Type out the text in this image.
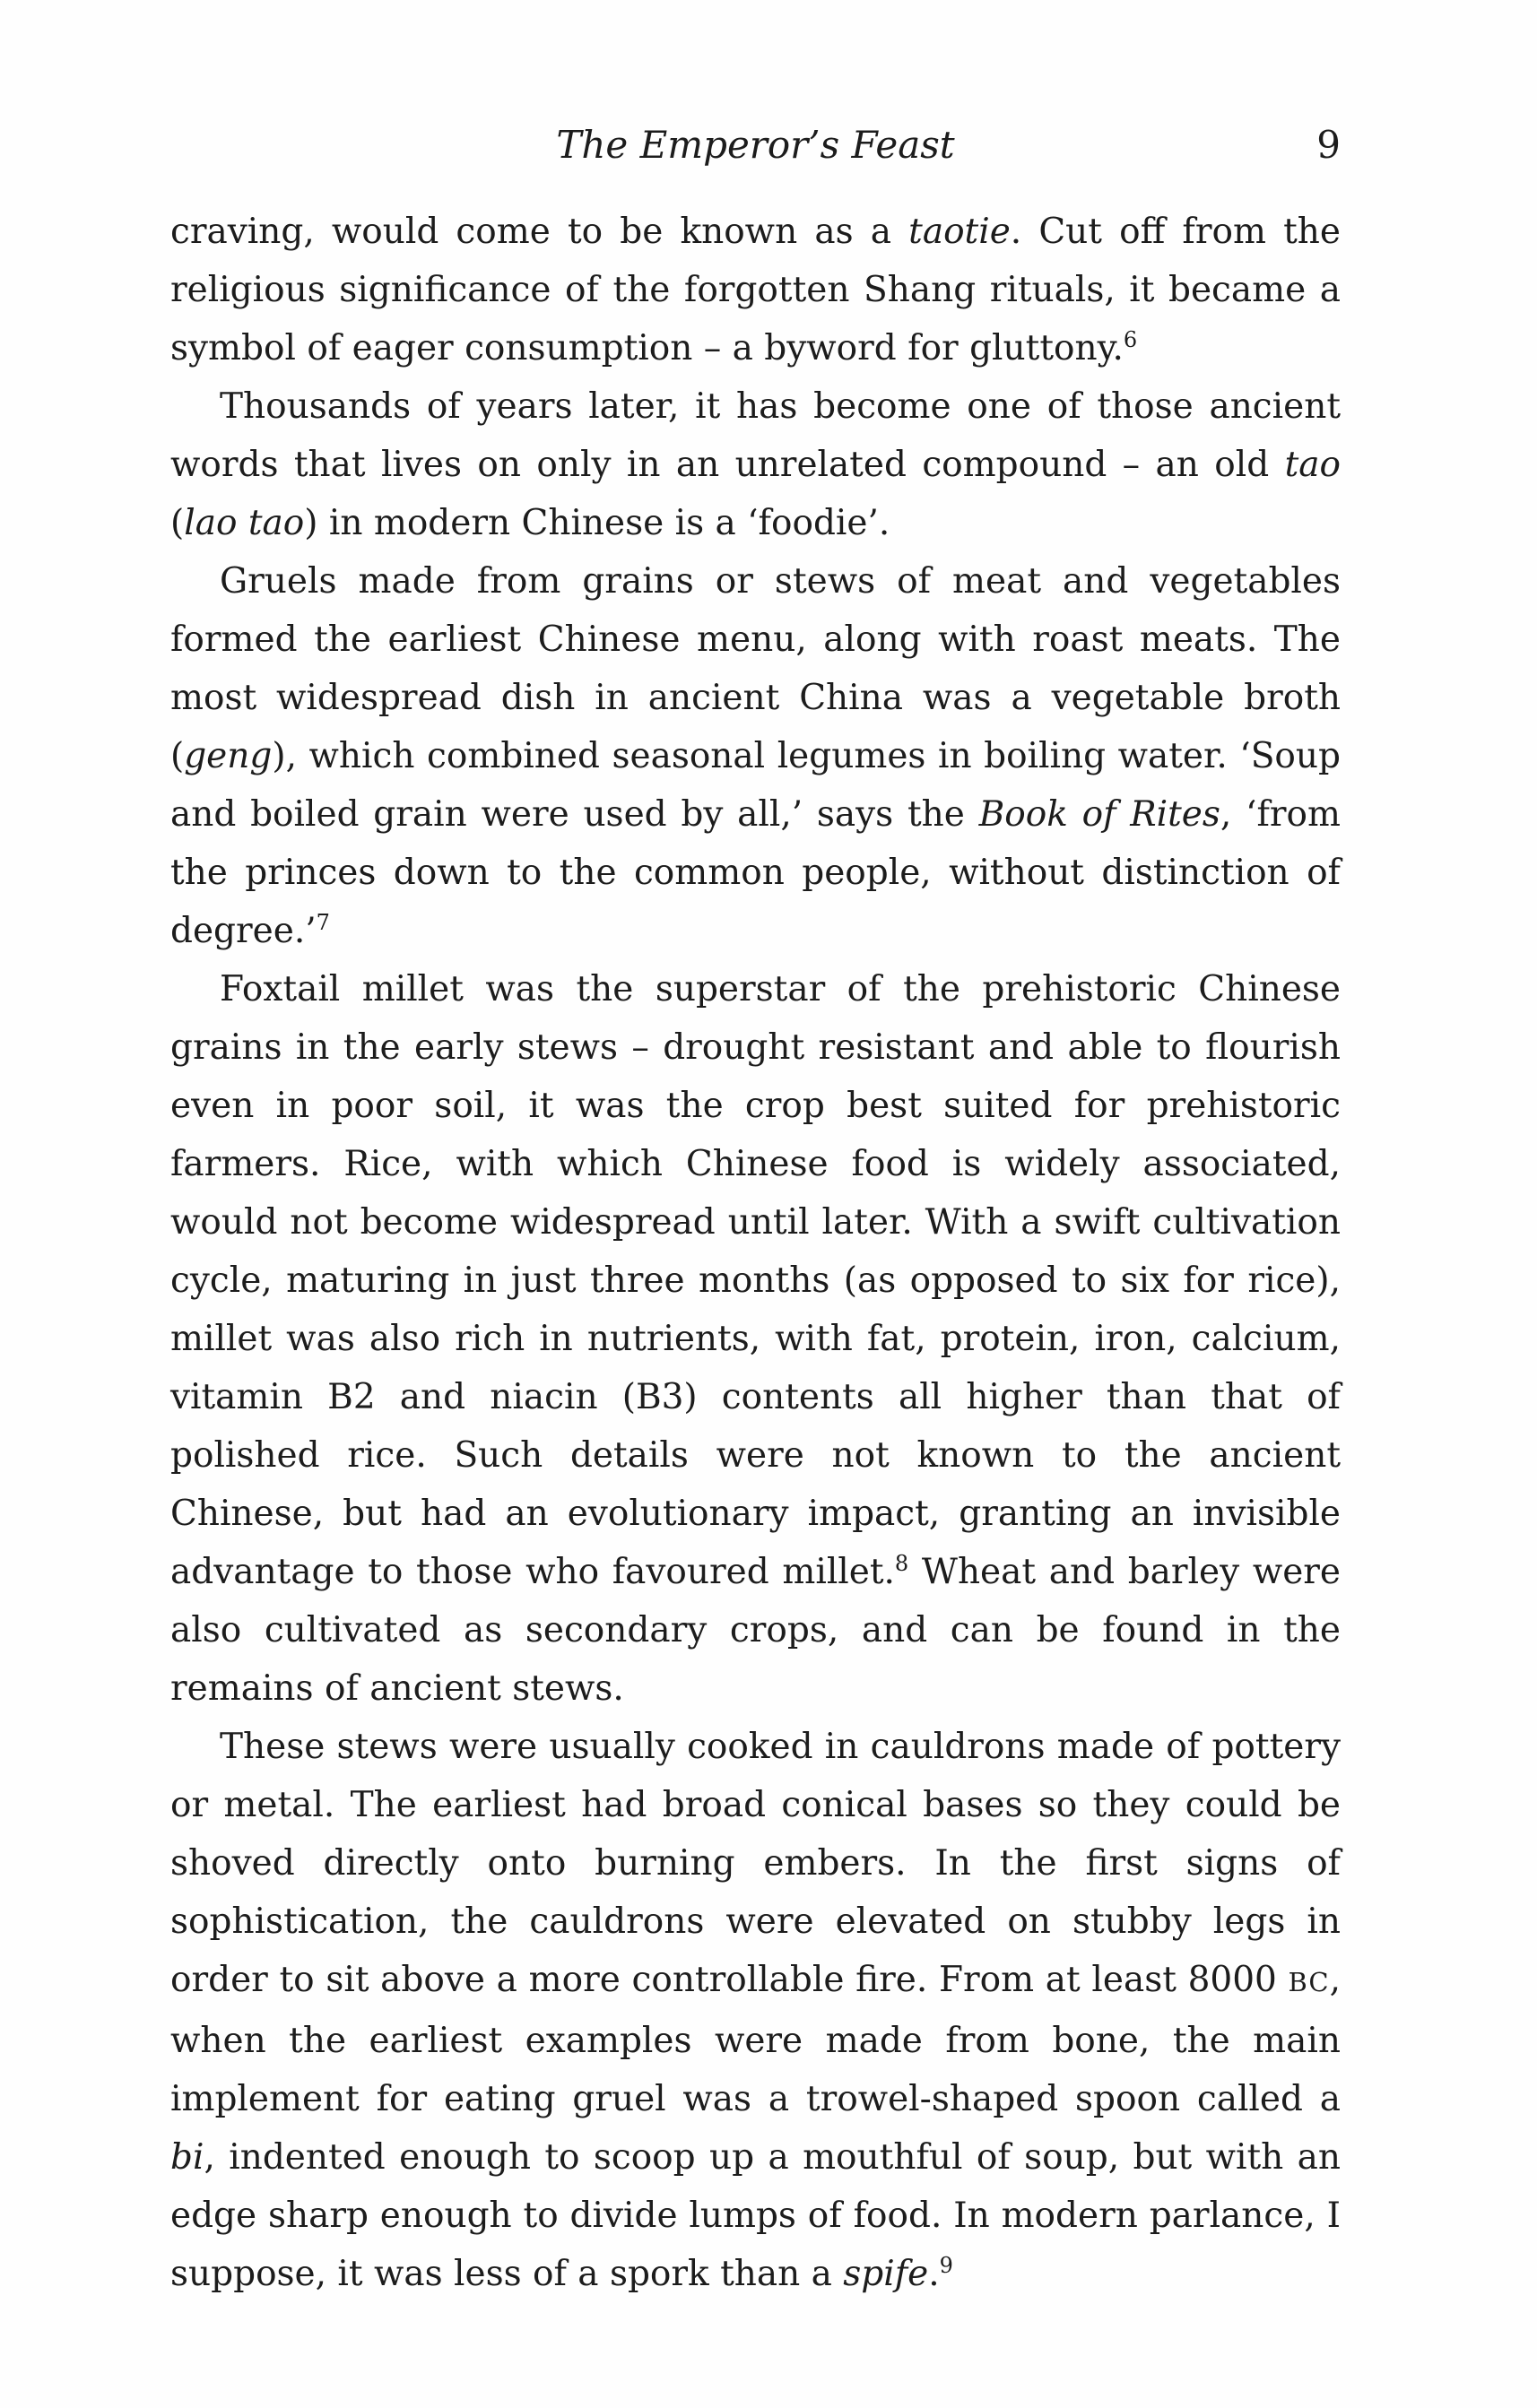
The Emperor’s Feast	9

craving, would come to be known as a taotie. Cut off from the religious significance of the forgotten Shang rituals, it became a symbol of eager consumption – a byword for gluttony.$^6$

Thousands of years later, it has become one of those ancient words that lives on only in an unrelated compound – an old tao (lao tao) in modern Chinese is a ‘foodie’.

Gruels made from grains or stews of meat and vegetables formed the earliest Chinese menu, along with roast meats. The most widespread dish in ancient China was a vegetable broth (geng), which combined seasonal legumes in boiling water. ‘Soup and boiled grain were used by all,’ says the Book of Rites, ‘from the princes down to the common people, without distinction of degree.’$^7$

Foxtail millet was the superstar of the prehistoric Chinese grains in the early stews – drought resistant and able to flourish even in poor soil, it was the crop best suited for prehistoric farmers. Rice, with which Chinese food is widely associated, would not become widespread until later. With a swift cultivation cycle, maturing in just three months (as opposed to six for rice), millet was also rich in nutrients, with fat, protein, iron, calcium, vitamin B2 and niacin (B3) contents all higher than that of polished rice. Such details were not known to the ancient Chinese, but had an evolutionary impact, granting an invisible advantage to those who favoured millet.$^8$ Wheat and barley were also cultivated as secondary crops, and can be found in the remains of ancient stews.

These stews were usually cooked in cauldrons made of pottery or metal. The earliest had broad conical bases so they could be shoved directly onto burning embers. In the first signs of sophistication, the cauldrons were elevated on stubby legs in order to sit above a more controllable fire. From at least 8000 BC, when the earliest examples were made from bone, the main implement for eating gruel was a trowel-shaped spoon called a bi, indented enough to scoop up a mouthful of soup, but with an edge sharp enough to divide lumps of food. In modern parlance, I suppose, it was less of a spork than a spife.$^9$
